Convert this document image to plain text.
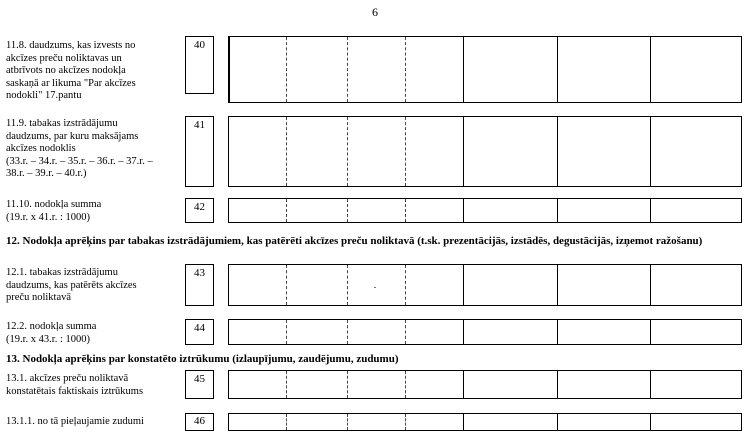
6
11.8. daudzums, kas izvests no
akcīzes preču noliktavas un
atbrīvots no akcīzes nodokļa
saskaņā ar likuma "Par akcīzes
nodokli" 17.pantu
40
11.9. tabakas izstrādājumu
daudzums, par kuru maksājams
akcīzes nodoklis
(33.r. – 34.r. – 35.r. – 36.r. – 37.r. –
38.r. – 39.r. – 40.r.)
41
11.10. nodokļa summa
(19.r. x 41.r. : 1000)
42
12. Nodokļa aprēķins par tabakas izstrādājumiem, kas patērēti akcīzes preču noliktavā (t.sk. prezentācijās, izstādēs, degustācijās, izņemot ražošanu)
12.1. tabakas izstrādājumu
daudzums, kas patērēts akcīzes
preču noliktavā
43
12.2. nodokļa summa
(19.r. x 43.r. : 1000)
44
13. Nodokļa aprēķins par konstatēto iztrūkumu (izlaupījumu, zaudējumu, zudumu)
13.1. akcīzes preču noliktavā
konstatētais faktiskais iztrūkums
45
13.1.1. no tā pieļaujamie zudumi	46
